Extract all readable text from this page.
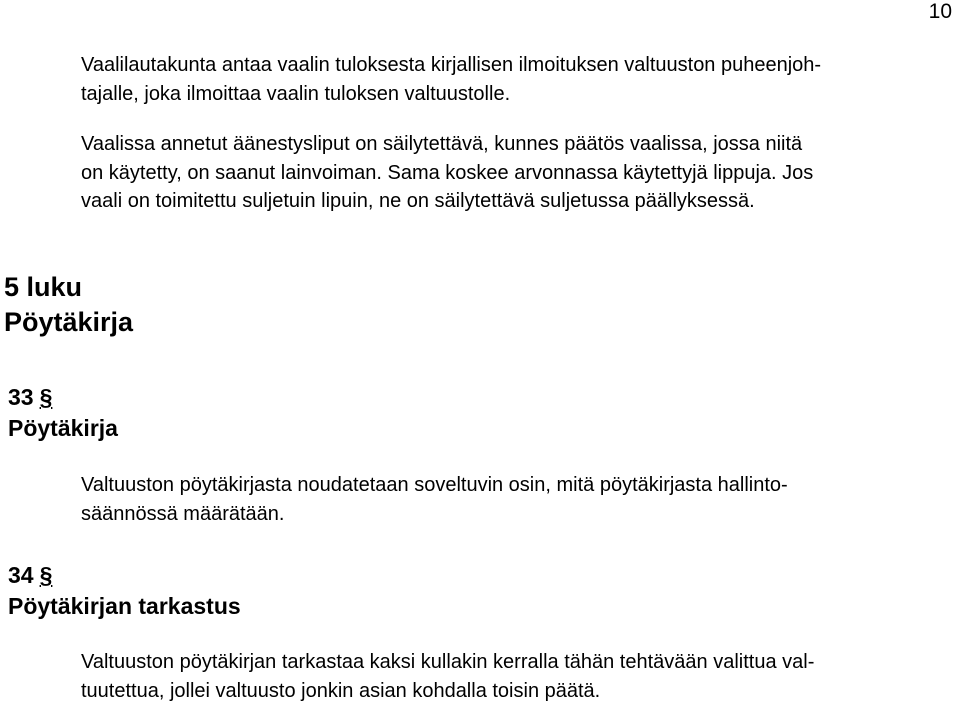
10
Vaalilautakunta antaa vaalin tuloksesta kirjallisen ilmoituksen valtuuston puheenjoh-
tajalle, joka ilmoittaa vaalin tuloksen valtuustolle.
Vaalissa annetut äänestysliput on säilytettävä, kunnes päätös vaalissa, jossa niitä
on käytetty, on saanut lainvoiman. Sama koskee arvonnassa käytettyjä lippuja. Jos
vaali on toimitettu suljetuin lipuin, ne on säilytettävä suljetussa päällyksessä.
5 luku
Pöytäkirja
33 §
Pöytäkirja
Valtuuston pöytäkirjasta noudatetaan soveltuvin osin, mitä pöytäkirjasta hallinto-
säännössä määrätään.
34 §
Pöytäkirjan tarkastus
Valtuuston pöytäkirjan tarkastaa kaksi kullakin kerralla tähän tehtävään valittua val-
tuutettua, jollei valtuusto jonkin asian kohdalla toisin päätä.
